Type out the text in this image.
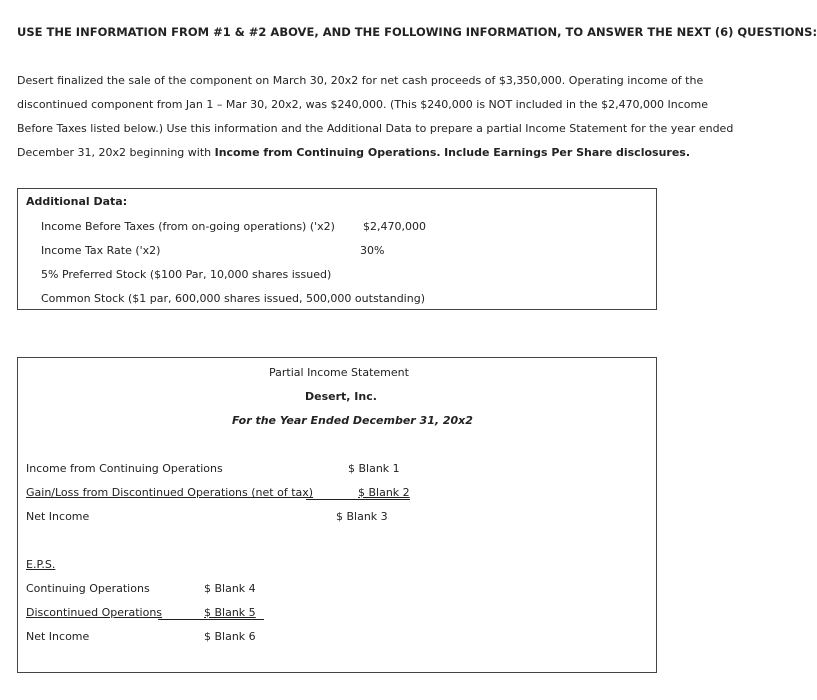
USE THE INFORMATION FROM #1 & #2 ABOVE, AND THE FOLLOWING INFORMATION, TO ANSWER THE NEXT (6) QUESTIONS:
Desert finalized the sale of the component on March 30, 20x2 for net cash proceeds of $3,350,000. Operating income of the
discontinued component from Jan 1 – Mar 30, 20x2, was $240,000. (This $240,000 is NOT included in the $2,470,000 Income
Before Taxes listed below.) Use this information and the Additional Data to prepare a partial Income Statement for the year ended
December 31, 20x2 beginning with Income from Continuing Operations. Include Earnings Per Share disclosures.
Additional Data:
Income Before Taxes (from on-going operations) ('x2)	$2,470,000
Income Tax Rate ('x2)	30%
5% Preferred Stock ($100 Par, 10,000 shares issued)
Common Stock ($1 par, 600,000 shares issued, 500,000 outstanding)
Partial Income Statement
Desert, Inc.
For the Year Ended December 31, 20x2
Income from Continuing Operations	$ Blank 1
Gain/Loss from Discontinued Operations (net of tax)	$ Blank 2
Net Income	$ Blank 3
E.P.S.
Continuing Operations	$ Blank 4
Discontinued Operations	$ Blank 5
Net Income	$ Blank 6
